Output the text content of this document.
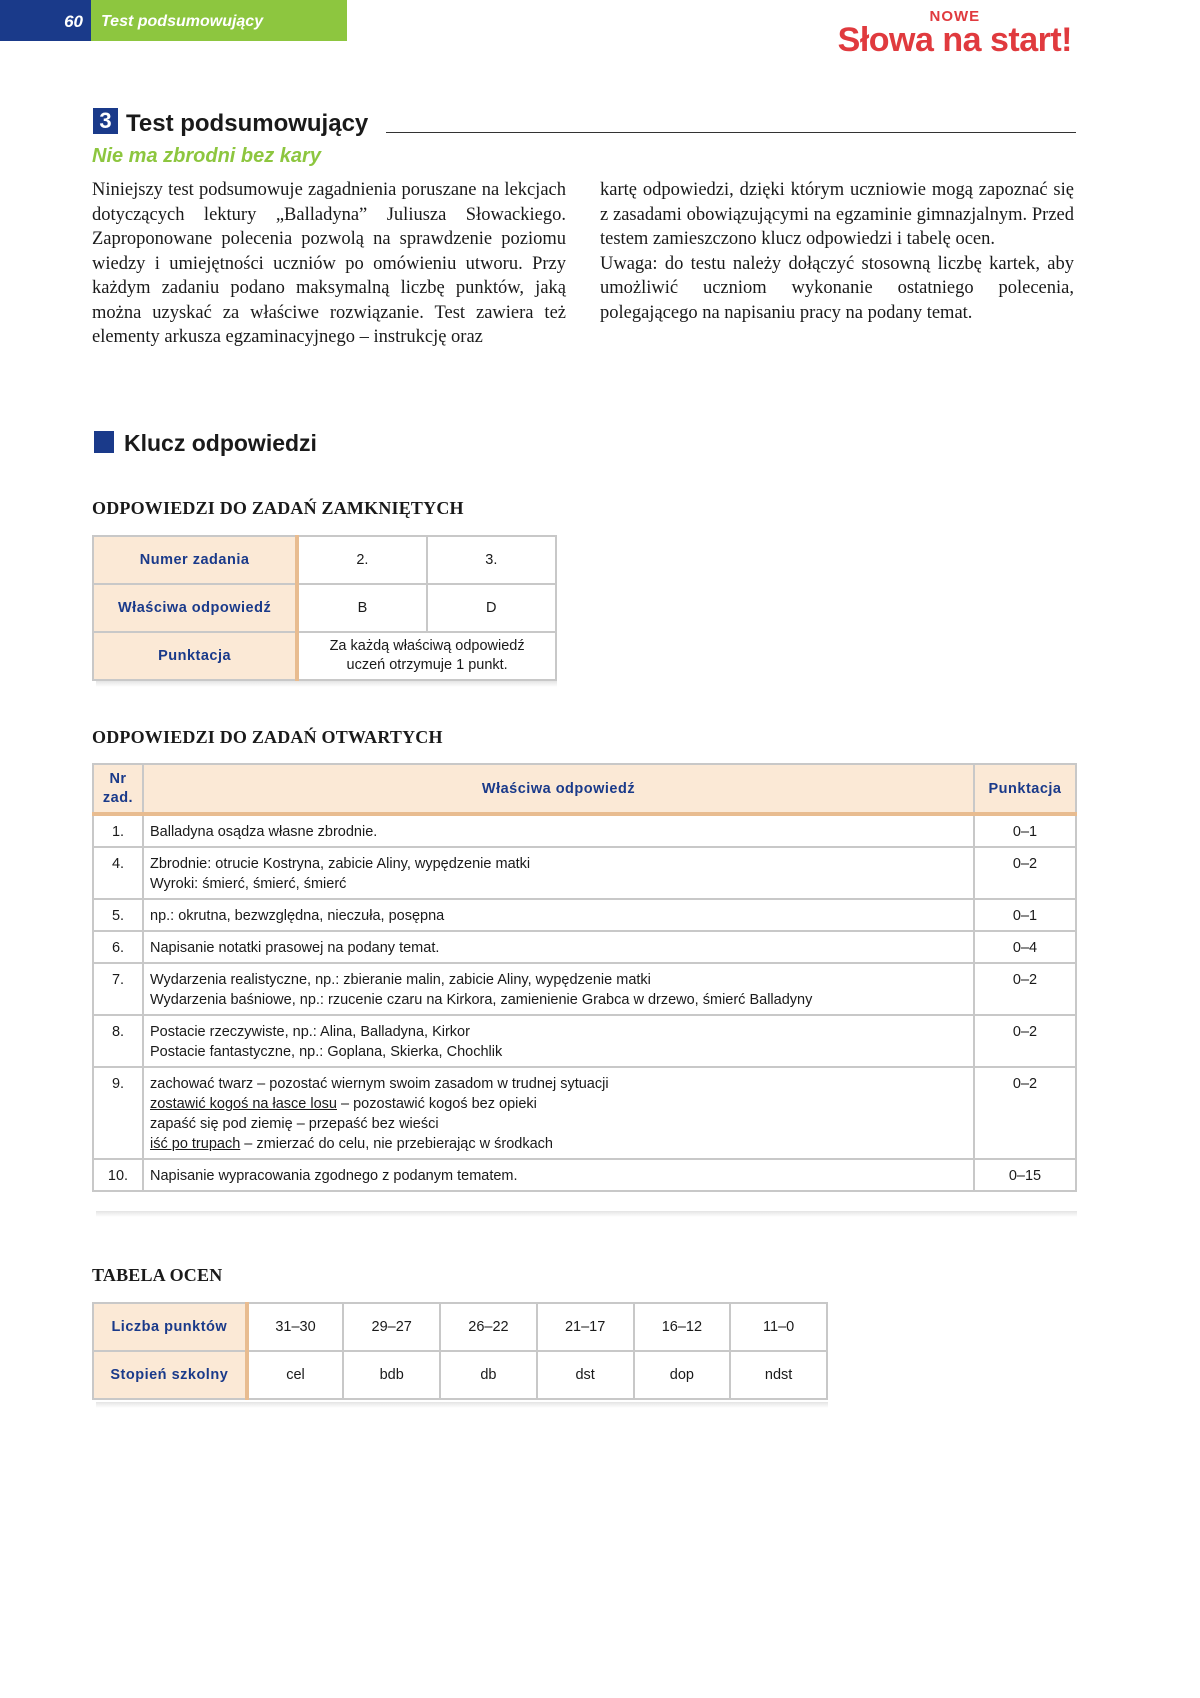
60 Test podsumowujący	NOWE
Słowa na start!
3 Test podsumowujący
Nie ma zbrodni bez kary

Niniejszy test podsumowuje zagadnienia poruszane na lekcjach dotyczących lektury „Balladyna” Juliusza Słowackiego. Zaproponowane polecenia pozwolą na sprawdzenie poziomu wiedzy i umiejętności uczniów po omówieniu utworu. Przy każdym zadaniu podano maksymalną liczbę punktów, jaką można uzyskać za właściwe rozwiązanie. Test zawiera też elementy arkusza egzaminacyjnego – instrukcję oraz

kartę odpowiedzi, dzięki którym uczniowie mogą zapoznać się z zasadami obowiązującymi na egzaminie gimnazjalnym. Przed testem zamieszczono klucz odpowiedzi i tabelę ocen.

Uwaga: do testu należy dołączyć stosowną liczbę kartek, aby umożliwić uczniom wykonanie ostatniego polecenia, polegającego na napisaniu pracy na podany temat.

Klucz odpowiedzi
ODPOWIEDZI DO ZADAŃ ZAMKNIĘTYCH
Numer zadania	2.	3.
Właściwa odpowiedź	B	D
Punktacja	Za każdą właściwą odpowiedź
uczeń otrzymuje 1 punkt.	
ODPOWIEDZI DO ZADAŃ OTWARTYCH
Nr
zad.	Właściwa odpowiedź	Punktacja
1.	Balladyna osądza własne zbrodnie.	0–1
4.	Zbrodnie: otrucie Kostryna, zabicie Aliny, wypędzenie matki
Wyroki: śmierć, śmierć, śmierć	0–2
5.	np.: okrutna, bezwzględna, nieczuła, posępna	0–1
6.	Napisanie notatki prasowej na podany temat.	0–4
7.	Wydarzenia realistyczne, np.: zbieranie malin, zabicie Aliny, wypędzenie matki
Wydarzenia baśniowe, np.: rzucenie czaru na Kirkora, zamienienie Grabca w drzewo, śmierć Balladyny	0–2
8.	Postacie rzeczywiste, np.: Alina, Balladyna, Kirkor
Postacie fantastyczne, np.: Goplana, Skierka, Chochlik	0–2
9.	zachować twarz – pozostać wiernym swoim zasadom w trudnej sytuacji
zostawić kogoś na łasce losu – pozostawić kogoś bez opieki
zapaść się pod ziemię – przepaść bez wieści
iść po trupach – zmierzać do celu, nie przebierając w środkach	0–2
10.	Napisanie wypracowania zgodnego z podanym tematem.	0–15
TABELA OCEN
Liczba punktów	31–30	29–27	26–22	21–17	16–12	11–0
Stopień szkolny	cel	bdb	db	dst	dop	ndst
